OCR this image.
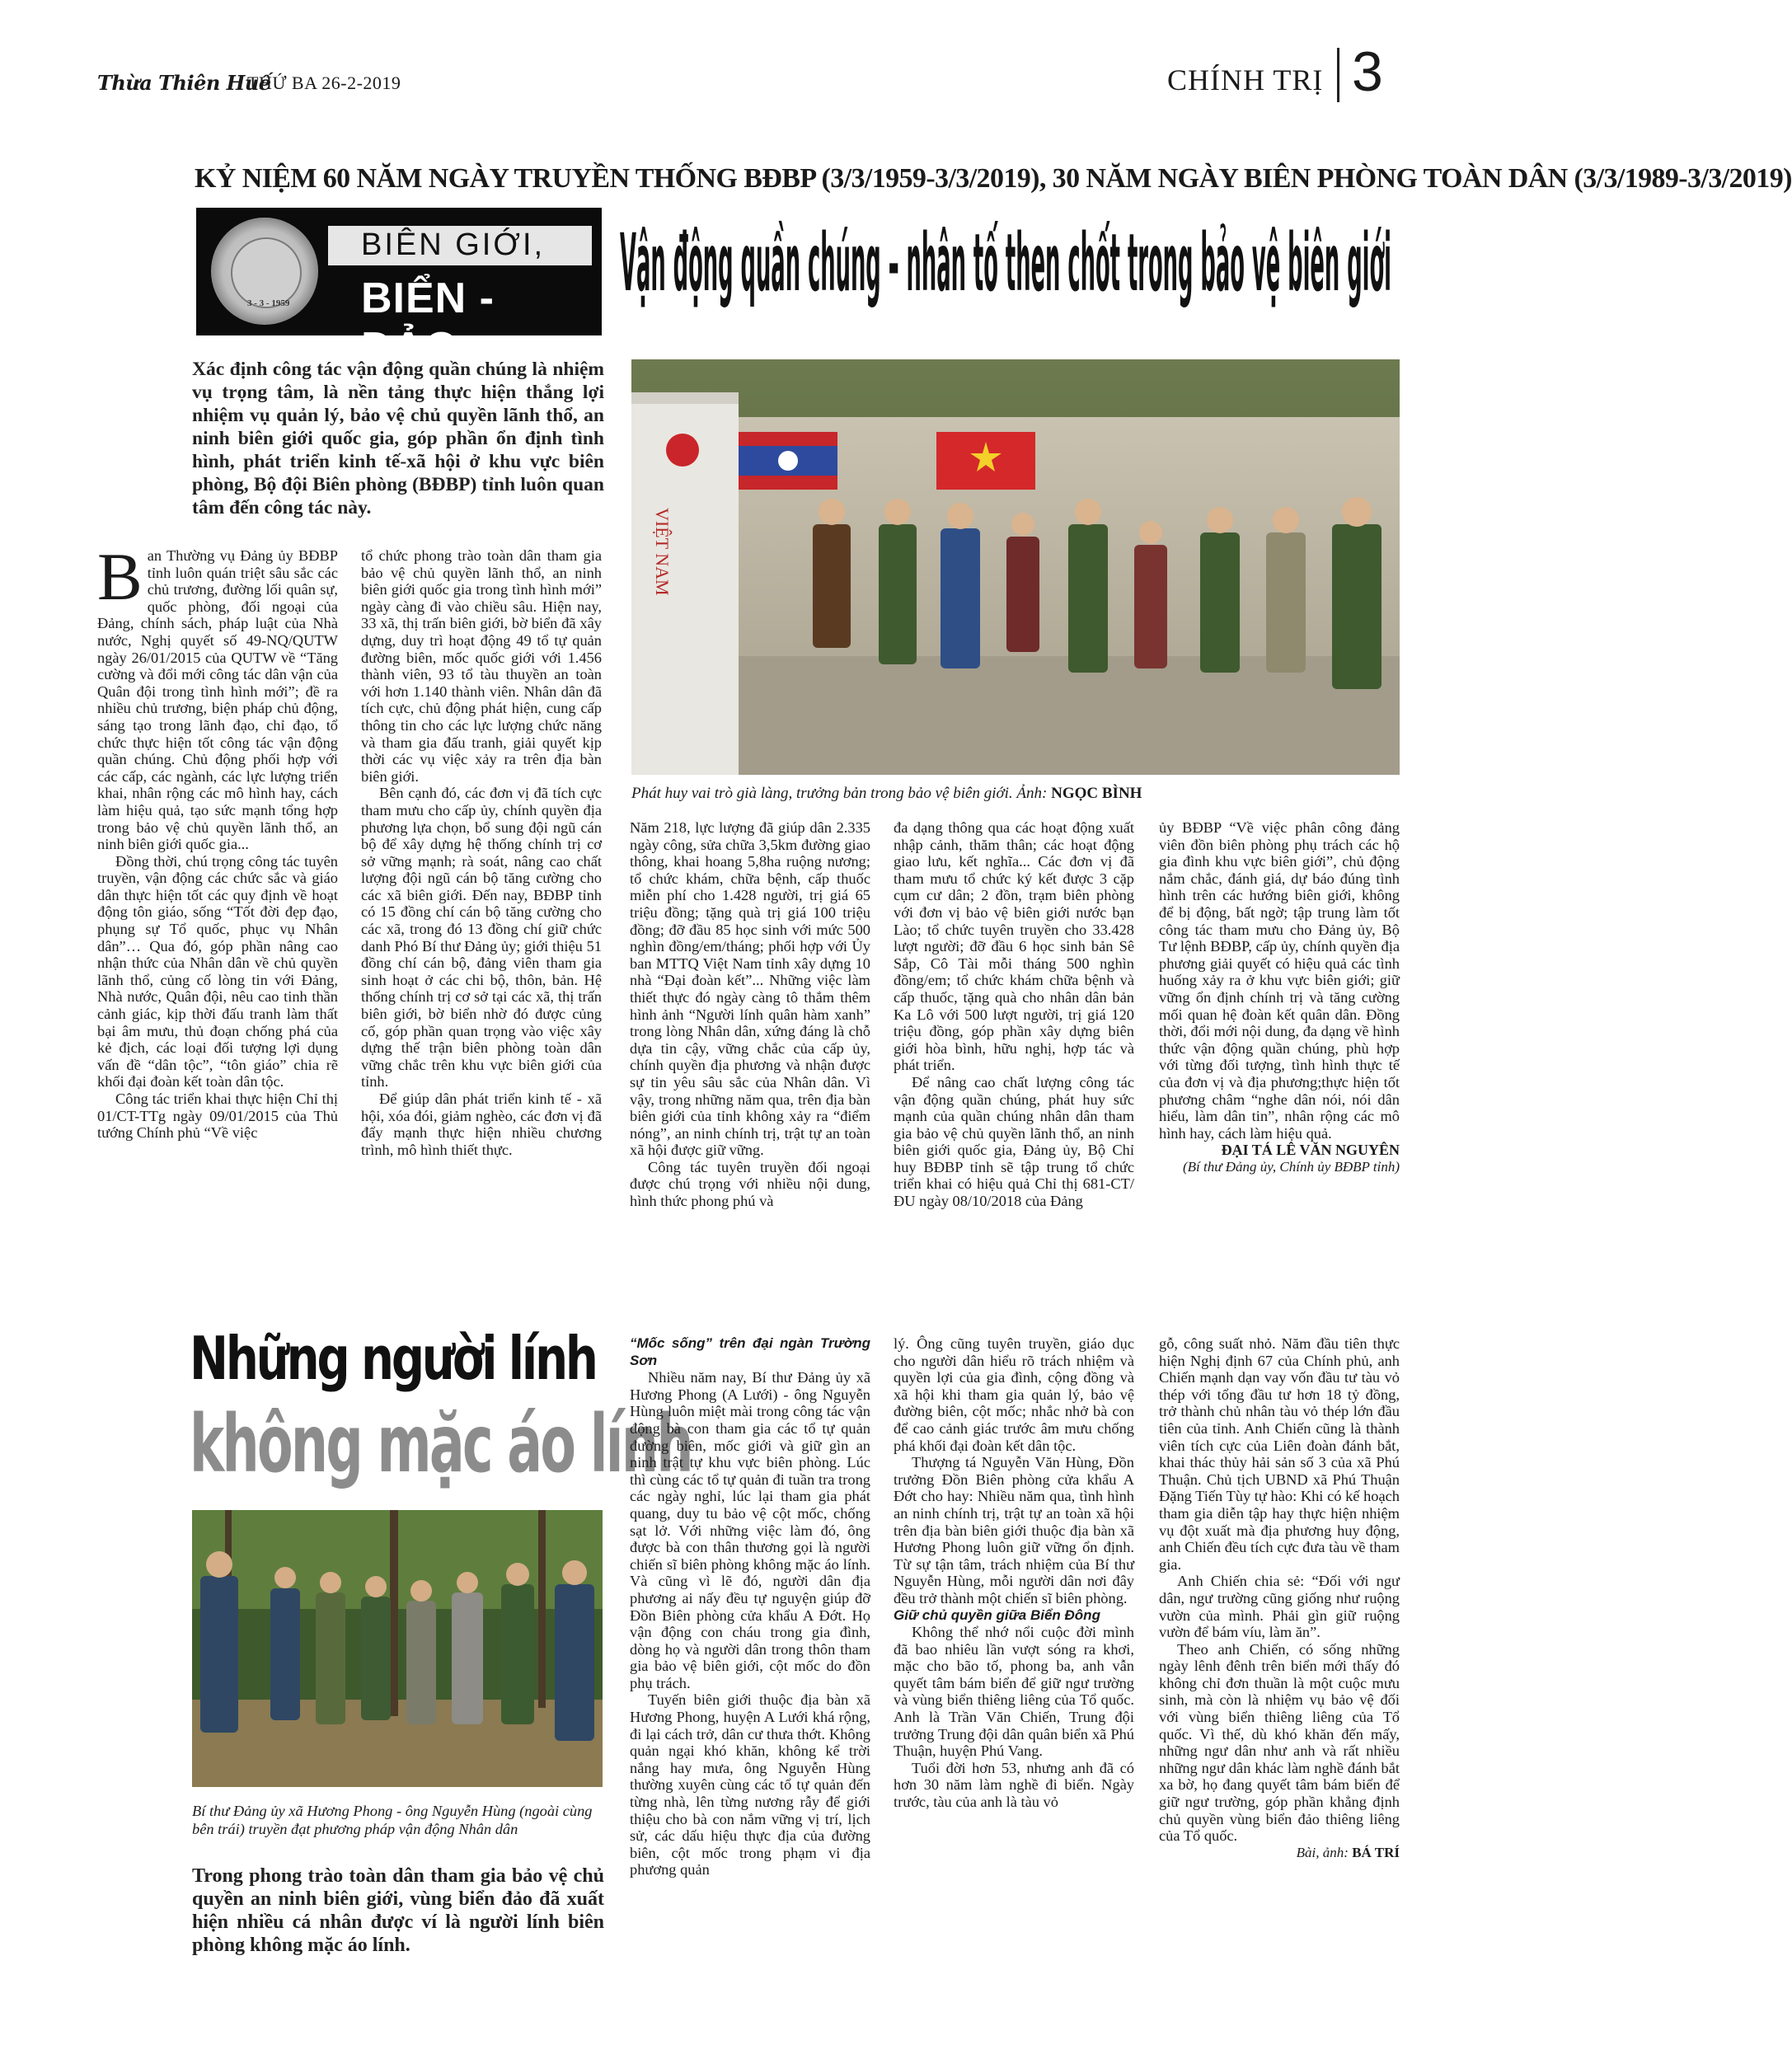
Thừa Thiên Huế
THỨ BA 26-2-2019	CHÍNH TRỊ 3
KỶ NIỆM 60 NĂM NGÀY TRUYỀN THỐNG BĐBP (3/3/1959-3/3/2019), 30 NĂM NGÀY BIÊN PHÒNG TOÀN DÂN (3/3/1989-3/3/2019)
3 - 3 - 1959
BIÊN GIỚI,
BIỂN - ĐẢO
Vận động quần chúng – nhân tố then chốt trong bảo vệ biên giới
Xác định công tác vận động quần chúng là nhiệm vụ trọng tâm, là nền tảng thực hiện thắng lợi nhiệm vụ quản lý, bảo vệ chủ quyền lãnh thổ, an ninh biên giới quốc gia, góp phần ổn định tình hình, phát triển kinh tế-xã hội ở khu vực biên phòng, Bộ đội Biên phòng (BĐBP) tỉnh luôn quan tâm đến công tác này.	VIỆT NAM
Phát huy vai trò già làng, trưởng bản trong bảo vệ biên giới. Ảnh: NGỌC BÌNH

Ban Thường vụ Đảng ủy BĐBP tỉnh luôn quán triệt sâu sắc các chủ trương, đường lối quân sự, quốc phòng, đối ngoại của Đảng, chính sách, pháp luật của Nhà nước, Nghị quyết số 49-NQ/QUTW ngày 26/01/2015 của QUTW về “Tăng cường và đổi mới công tác dân vận của Quân đội trong tình hình mới”; đề ra nhiều chủ trương, biện pháp chủ động, sáng tạo trong lãnh đạo, chỉ đạo, tổ chức thực hiện tốt công tác vận động quần chúng. Chủ động phối hợp với các cấp, các ngành, các lực lượng triển khai, nhân rộng các mô hình hay, cách làm hiệu quả, tạo sức mạnh tổng hợp trong bảo vệ chủ quyền lãnh thổ, an ninh biên giới quốc gia...

Đồng thời, chú trọng công tác tuyên truyền, vận động các chức sắc và giáo dân thực hiện tốt các quy định về hoạt động tôn giáo, sống “Tốt đời đẹp đạo, phụng sự Tổ quốc, phục vụ Nhân dân”… Qua đó, góp phần nâng cao nhận thức của Nhân dân về chủ quyền lãnh thổ, củng cố lòng tin với Đảng, Nhà nước, Quân đội, nêu cao tinh thần cảnh giác, kịp thời đấu tranh làm thất bại âm mưu, thủ đoạn chống phá của kẻ địch, các loại đối tượng lợi dụng vấn đề “dân tộc”, “tôn giáo” chia rẽ khối đại đoàn kết toàn dân tộc.

Công tác triển khai thực hiện Chỉ thị 01/CT-TTg ngày 09/01/2015 của Thủ tướng Chính phủ “Về việc

tổ chức phong trào toàn dân tham gia bảo vệ chủ quyền lãnh thổ, an ninh biên giới quốc gia trong tình hình mới” ngày càng đi vào chiều sâu. Hiện nay, 33 xã, thị trấn biên giới, bờ biển đã xây dựng, duy trì hoạt động 49 tổ tự quản đường biên, mốc quốc giới với 1.456 thành viên, 93 tổ tàu thuyền an toàn với hơn 1.140 thành viên. Nhân dân đã tích cực, chủ động phát hiện, cung cấp thông tin cho các lực lượng chức năng và tham gia đấu tranh, giải quyết kịp thời các vụ việc xảy ra trên địa bàn biên giới.

Bên cạnh đó, các đơn vị đã tích cực tham mưu cho cấp ủy, chính quyền địa phương lựa chọn, bổ sung đội ngũ cán bộ để xây dựng hệ thống chính trị cơ sở vững mạnh; rà soát, nâng cao chất lượng đội ngũ cán bộ tăng cường cho các xã biên giới. Đến nay, BĐBP tỉnh có 15 đồng chí cán bộ tăng cường cho các xã, trong đó 13 đồng chí giữ chức danh Phó Bí thư Đảng ủy; giới thiệu 51 đồng chí cán bộ, đảng viên tham gia sinh hoạt ở các chi bộ, thôn, bản. Hệ thống chính trị cơ sở tại các xã, thị trấn biên giới, bờ biển nhờ đó được củng cố, góp phần quan trọng vào việc xây dựng thế trận biên phòng toàn dân vững chắc trên khu vực biên giới của tỉnh.

Để giúp dân phát triển kinh tế - xã hội, xóa đói, giảm nghèo, các đơn vị đã đẩy mạnh thực hiện nhiều chương trình, mô hình thiết thực.

Năm 218, lực lượng đã giúp dân 2.335 ngày công, sửa chữa 3,5km đường giao thông, khai hoang 5,8ha ruộng nương; tổ chức khám, chữa bệnh, cấp thuốc miễn phí cho 1.428 người, trị giá 65 triệu đồng; tặng quà trị giá 100 triệu đồng; đỡ đầu 85 học sinh với mức 500 nghìn đồng/em/tháng; phối hợp với Ủy ban MTTQ Việt Nam tỉnh xây dựng 10 nhà “Đại đoàn kết”... Những việc làm thiết thực đó ngày càng tô thắm thêm hình ảnh “Người lính quân hàm xanh” trong lòng Nhân dân, xứng đáng là chỗ dựa tin cậy, vững chắc của cấp ủy, chính quyền địa phương và nhận được sự tin yêu sâu sắc của Nhân dân. Vì vậy, trong những năm qua, trên địa bàn biên giới của tỉnh không xảy ra “điểm nóng”, an ninh chính trị, trật tự an toàn xã hội được giữ vững.

Công tác tuyên truyền đối ngoại được chú trọng với nhiều nội dung, hình thức phong phú và

đa dạng thông qua các hoạt động xuất nhập cảnh, thăm thân; các hoạt động giao lưu, kết nghĩa... Các đơn vị đã tham mưu tổ chức ký kết được 3 cặp cụm cư dân; 2 đồn, trạm biên phòng với đơn vị bảo vệ biên giới nước bạn Lào; tổ chức tuyên truyền cho 33.428 lượt người; đỡ đầu 6 học sinh bản Sê Sắp, Cô Tài mỗi tháng 500 nghìn đồng/em; tổ chức khám chữa bệnh và cấp thuốc, tặng quà cho nhân dân bản Ka Lô với 500 lượt người, trị giá 120 triệu đồng, góp phần xây dựng biên giới hòa bình, hữu nghị, hợp tác và phát triển.

Để nâng cao chất lượng công tác vận động quần chúng, phát huy sức mạnh của quần chúng nhân dân tham gia bảo vệ chủ quyền lãnh thổ, an ninh biên giới quốc gia, Đảng ủy, Bộ Chỉ huy BĐBP tỉnh sẽ tập trung tổ chức triển khai có hiệu quả Chỉ thị 681-CT/ĐU ngày 08/10/2018 của Đảng

ủy BĐBP “Về việc phân công đảng viên đồn biên phòng phụ trách các hộ gia đình khu vực biên giới”, chủ động nắm chắc, đánh giá, dự báo đúng tình hình trên các hướng biên giới, không để bị động, bất ngờ; tập trung làm tốt công tác tham mưu cho Đảng ủy, Bộ Tư lệnh BĐBP, cấp ủy, chính quyền địa phương giải quyết có hiệu quả các tình huống xảy ra ở khu vực biên giới; giữ vững ổn định chính trị và tăng cường mối quan hệ đoàn kết quân dân. Đồng thời, đổi mới nội dung, đa dạng về hình thức vận động quần chúng, phù hợp với từng đối tượng, tình hình thực tế của đơn vị và địa phương;thực hiện tốt phương châm “nghe dân nói, nói dân hiểu, làm dân tin”, nhân rộng các mô hình hay, cách làm hiệu quả.

ĐẠI TÁ LÊ VĂN NGUYÊN
(Bí thư Đảng ủy, Chính ủy BĐBP tỉnh)
Những người lính
không mặc áo lính
Bí thư Đảng ủy xã Hương Phong - ông Nguyễn Hùng (ngoài cùng bên trái) truyền đạt phương pháp vận động Nhân dân
Trong phong trào toàn dân tham gia bảo vệ chủ quyền an ninh biên giới, vùng biển đảo đã xuất hiện nhiều cá nhân được ví là người lính biên phòng không mặc áo lính.

“Mốc sống” trên đại ngàn Trường Sơn

Nhiều năm nay, Bí thư Đảng ủy xã Hương Phong (A Lưới) - ông Nguyễn Hùng luôn miệt mài trong công tác vận động bà con tham gia các tổ tự quản đường biên, mốc giới và giữ gìn an ninh trật tự khu vực biên phòng. Lúc thì cùng các tổ tự quản đi tuần tra trong các ngày nghỉ, lúc lại tham gia phát quang, duy tu bảo vệ cột mốc, chống sạt lở. Với những việc làm đó, ông được bà con thân thương gọi là người chiến sĩ biên phòng không mặc áo lính. Và cũng vì lẽ đó, người dân địa phương ai nấy đều tự nguyện giúp đỡ Đồn Biên phòng cửa khẩu A Đớt. Họ vận động con cháu trong gia đình, dòng họ và người dân trong thôn tham gia bảo vệ biên giới, cột mốc do đồn phụ trách.

Tuyến biên giới thuộc địa bàn xã Hương Phong, huyện A Lưới khá rộng, đi lại cách trở, dân cư thưa thớt. Không quản ngại khó khăn, không kể trời nắng hay mưa, ông Nguyễn Hùng thường xuyên cùng các tổ tự quản đến từng nhà, lên từng nương rẫy để giới thiệu cho bà con nắm vững vị trí, lịch sử, các dấu hiệu thực địa của đường biên, cột mốc trong phạm vi địa phương quản

lý. Ông cũng tuyên truyền, giáo dục cho người dân hiểu rõ trách nhiệm và quyền lợi của gia đình, cộng đồng và xã hội khi tham gia quản lý, bảo vệ đường biên, cột mốc; nhắc nhở bà con để cao cảnh giác trước âm mưu chống phá khối đại đoàn kết dân tộc.

Thượng tá Nguyễn Văn Hùng, Đồn trưởng Đồn Biên phòng cửa khẩu A Đớt cho hay: Nhiều năm qua, tình hình an ninh chính trị, trật tự an toàn xã hội trên địa bàn biên giới thuộc địa bàn xã Hương Phong luôn giữ vững ổn định. Từ sự tận tâm, trách nhiệm của Bí thư Nguyễn Hùng, mỗi người dân nơi đây đều trở thành một chiến sĩ biên phòng.

Giữ chủ quyền giữa Biển Đông

Không thể nhớ nổi cuộc đời mình đã bao nhiêu lần vượt sóng ra khơi, mặc cho bão tố, phong ba, anh vẫn quyết tâm bám biển để giữ ngư trường và vùng biển thiêng liêng của Tổ quốc. Anh là Trần Văn Chiến, Trung đội trưởng Trung đội dân quân biển xã Phú Thuận, huyện Phú Vang.

Tuổi đời hơn 53, nhưng anh đã có hơn 30 năm làm nghề đi biển. Ngày trước, tàu của anh là tàu vỏ

gỗ, công suất nhỏ. Năm đầu tiên thực hiện Nghị định 67 của Chính phủ, anh Chiến mạnh dạn vay vốn đầu tư tàu vỏ thép với tổng đầu tư hơn 18 tỷ đồng, trở thành chủ nhân tàu vỏ thép lớn đầu tiên của tỉnh. Anh Chiến cũng là thành viên tích cực của Liên đoàn đánh bắt, khai thác thủy hải sản số 3 của xã Phú Thuận. Chủ tịch UBND xã Phú Thuận Đặng Tiến Tùy tự hào: Khi có kế hoạch tham gia diễn tập hay thực hiện nhiệm vụ đột xuất mà địa phương huy động, anh Chiến đều tích cực đưa tàu về tham gia.

Anh Chiến chia sẻ: “Đối với ngư dân, ngư trường cũng giống như ruộng vườn của mình. Phải gìn giữ ruộng vườn để bám víu, làm ăn”.

Theo anh Chiến, có sống những ngày lênh đênh trên biển mới thấy đó không chỉ đơn thuần là một cuộc mưu sinh, mà còn là nhiệm vụ bảo vệ đối với vùng biển thiêng liêng của Tổ quốc. Vì thế, dù khó khăn đến mấy, những ngư dân như anh và rất nhiều những ngư dân khác làm nghề đánh bắt xa bờ, họ đang quyết tâm bám biển để giữ ngư trường, góp phần khẳng định chủ quyền vùng biển đảo thiêng liêng của Tổ quốc.

Bài, ảnh: BÁ TRÍ
